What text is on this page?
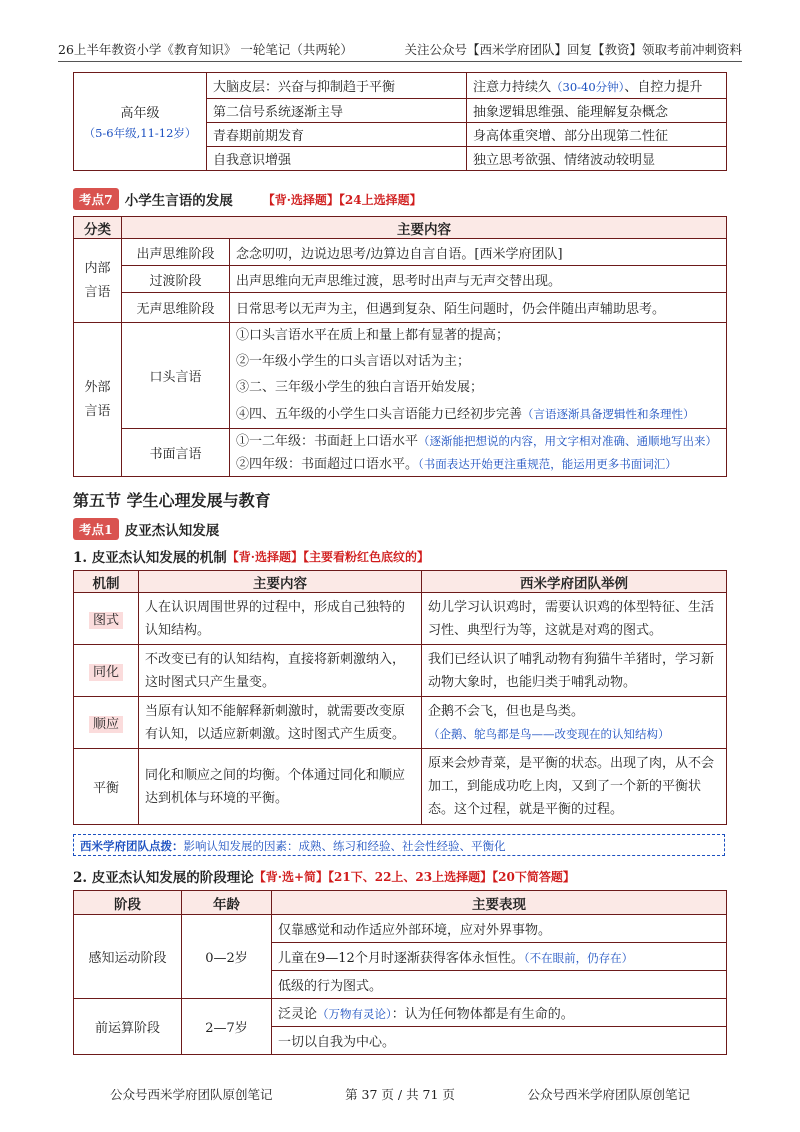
26上半年教资小学《教育知识》 一轮笔记（共两轮）	关注公众号【西米学府团队】回复【教资】领取考前冲刺资料
高年级
（5-6年级,11-12岁）	大脑皮层：兴奋与抑制趋于平衡	注意力持续久（30-40分钟）、自控力提升
	第二信号系统逐渐主导	抽象逻辑思维强、能理解复杂概念
	青春期前期发育	身高体重突增、部分出现第二性征
	自我意识增强	独立思考欲强、情绪波动较明显
考点7 小学生言语的发展	【背·选择题】【24上选择题】
分类	主要内容	
内部言语	出声思维阶段	念念叨叨，边说边思考/边算边自言自语。[西米学府团队]
	过渡阶段	出声思维向无声思维过渡，思考时出声与无声交替出现。
	无声思维阶段	日常思考以无声为主，但遇到复杂、陌生问题时，仍会伴随出声辅助思考。
外部言语	口头言语	①口头言语水平在质上和量上都有显著的提高；
②一年级小学生的口头言语以对话为主；
③二、三年级小学生的独白言语开始发展；
④四、五年级的小学生口头言语能力已经初步完善（言语逐渐具备逻辑性和条理性）

	书面言语	①一二年级：书面赶上口语水平（逐渐能把想说的内容，用文字相对准确、通顺地写出来）
②四年级：书面超过口语水平。（书面表达开始更注重规范，能运用更多书面词汇）
第五节 学生心理发展与教育
考点1 皮亚杰认知发展
1. 皮亚杰认知发展的机制 【背·选择题】【主要看粉红色底纹的】
机制	主要内容	西米学府团队举例
图式	人在认识周围世界的过程中，形成自己独特的认知结构。	幼儿学习认识鸡时，需要认识鸡的体型特征、生活习性、典型行为等，这就是对鸡的图式。
同化	不改变已有的认知结构，直接将新刺激纳入，这时图式只产生量变。	我们已经认识了哺乳动物有狗猫牛羊猪时，学习新动物大象时，也能归类于哺乳动物。
顺应	当原有认知不能解释新刺激时，就需要改变原有认知，以适应新刺激。这时图式产生质变。	企鹅不会飞，但也是鸟类。
（企鹅、鸵鸟都是鸟——改变现在的认知结构）

平衡	同化和顺应之间的均衡。个体通过同化和顺应达到机体与环境的平衡。	原来会炒青菜，是平衡的状态。出现了肉，从不会加工，到能成功吃上肉，又到了一个新的平衡状态。这个过程，就是平衡的过程。
西米学府团队点拨：影响认知发展的因素：成熟、练习和经验、社会性经验、平衡化
2. 皮亚杰认知发展的阶段理论 【背·选+简】【21下、22上、23上选择题】【20下简答题】
阶段	年龄	主要表现
感知运动阶段	0—2岁	仅靠感觉和动作适应外部环境，应对外界事物。
		儿童在9—12个月时逐渐获得客体永恒性。（不在眼前，仍存在）
		低级的行为图式。
前运算阶段	2—7岁	泛灵论（万物有灵论）：认为任何物体都是有生命的。
		一切以自我为中心。
公众号西米学府团队原创笔记	第 37 页 / 共 71 页	公众号西米学府团队原创笔记
